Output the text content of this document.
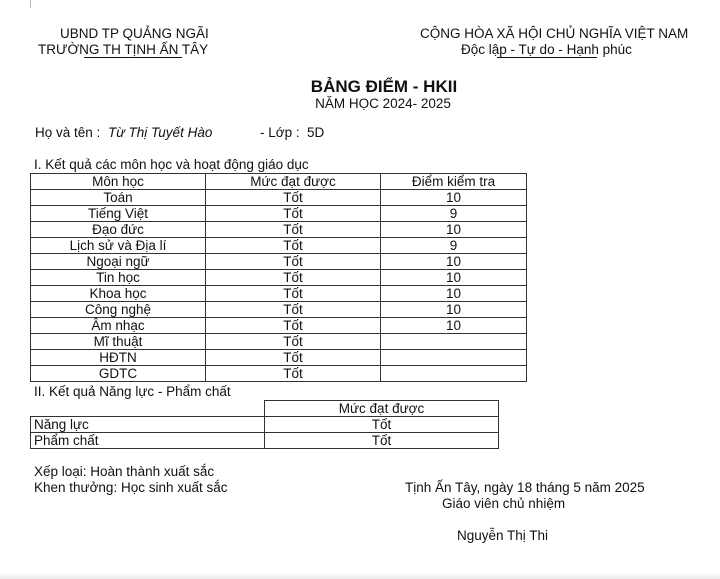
UBND TP QUẢNG NGÃI
TRƯỜNG TH TỊNH ẤN TÂY
CỘNG HÒA XÃ HỘI CHỦ NGHĨA VIỆT NAM
Độc lập - Tự do - Hạnh phúc
BẢNG ĐIỂM - HKII
NĂM HỌC 2024- 2025
Họ và tên : Từ Thị Tuyết Hào	- Lớp : 5D
I. Kết quả các môn học và hoạt động giáo dục
Môn học	Mức đạt được	Điểm kiểm tra
Toán	Tốt	10
Tiếng Việt	Tốt	9
Đạo đức	Tốt	10
Lịch sử và Địa lí	Tốt	9
Ngoại ngữ	Tốt	10
Tin học	Tốt	10
Khoa học	Tốt	10
Công nghệ	Tốt	10
Âm nhạc	Tốt	10
Mĩ thuật	Tốt	
HĐTN	Tốt	
GDTC	Tốt	
II. Kết quả Năng lực - Phẩm chất
	Mức đạt được
Năng lực	Tốt
Phẩm chất	Tốt
Xếp loại: Hoàn thành xuất sắc
Khen thưởng: Học sinh xuất sắc	Tịnh Ấn Tây, ngày 18 tháng 5 năm 2025
Giáo viên chủ nhiệm
Nguyễn Thị Thi
